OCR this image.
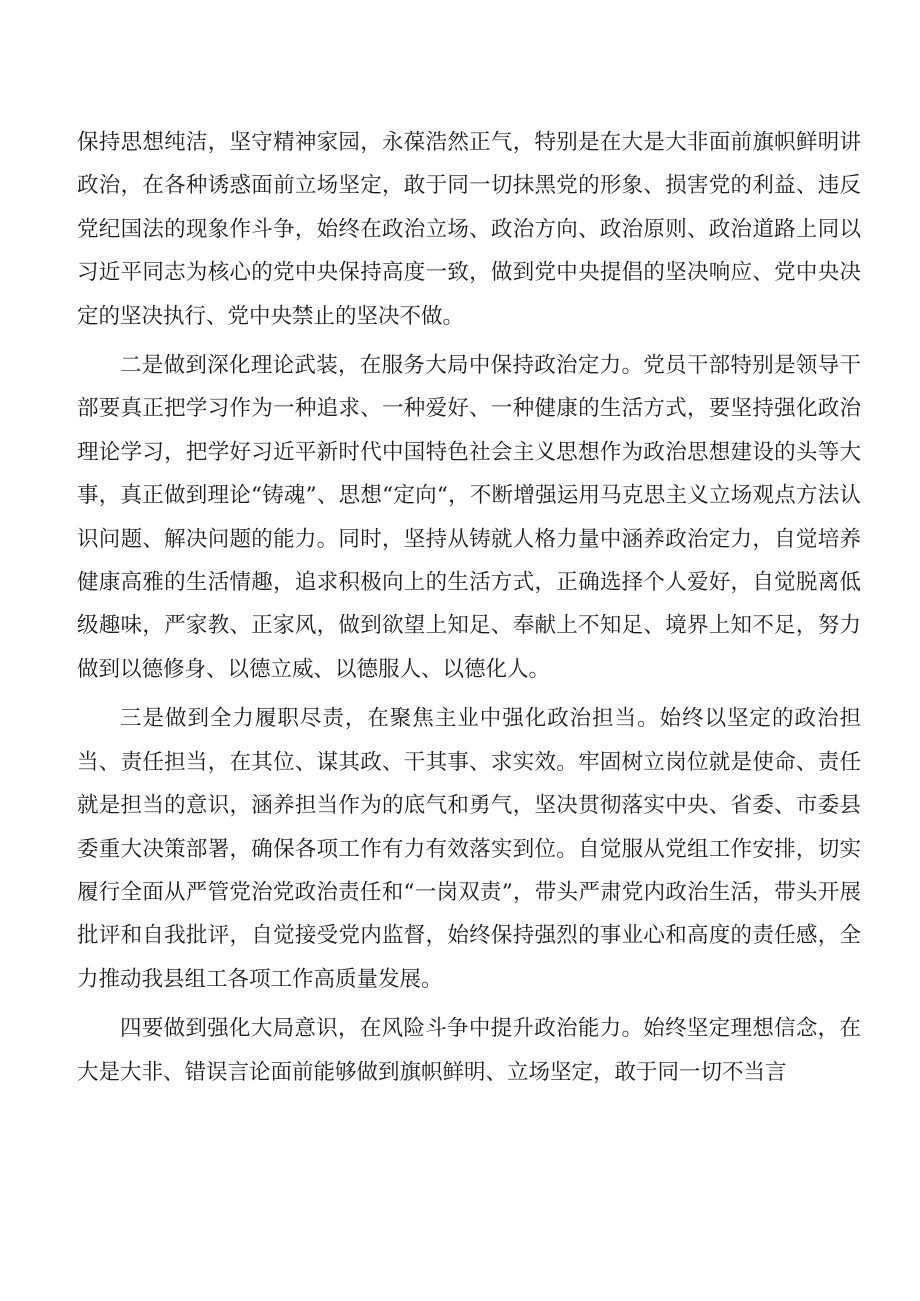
保持思想纯洁，坚守精神家园，永葆浩然正气，特别是在大是大非面前旗帜鲜明讲政治，在各种诱惑面前立场坚定，敢于同一切抹黑党的形象、损害党的利益、违反党纪国法的现象作斗争，始终在政治立场、政治方向、政治原则、政治道路上同以习近平同志为核心的党中央保持高度一致，做到党中央提倡的坚决响应、党中央决定的坚决执行、党中央禁止的坚决不做。

二是做到深化理论武装，在服务大局中保持政治定力。党员干部特别是领导干部要真正把学习作为一种追求、一种爱好、一种健康的生活方式，要坚持强化政治理论学习，把学好习近平新时代中国特色社会主义思想作为政治思想建设的头等大事，真正做到理论“铸魂”、思想“定向“，不断增强运用马克思主义立场观点方法认识问题、解决问题的能力。同时，坚持从铸就人格力量中涵养政治定力，自觉培养健康高雅的生活情趣，追求积极向上的生活方式，正确选择个人爱好，自觉脱离低级趣味，严家教、正家风，做到欲望上知足、奉献上不知足、境界上知不足，努力做到以德修身、以德立威、以德服人、以德化人。

三是做到全力履职尽责，在聚焦主业中强化政治担当。始终以坚定的政治担当、责任担当，在其位、谋其政、干其事、求实效。牢固树立岗位就是使命、责任就是担当的意识，涵养担当作为的底气和勇气，坚决贯彻落实中央、省委、市委县委重大决策部署，确保各项工作有力有效落实到位。自觉服从党组工作安排，切实履行全面从严管党治党政治责任和“一岗双责”，带头严肃党内政治生活，带头开展批评和自我批评，自觉接受党内监督，始终保持强烈的事业心和高度的责任感，全力推动我县组工各项工作高质量发展。

四要做到强化大局意识，在风险斗争中提升政治能力。始终坚定理想信念，在大是大非、错误言论面前能够做到旗帜鲜明、立场坚定，敢于同一切不当言
